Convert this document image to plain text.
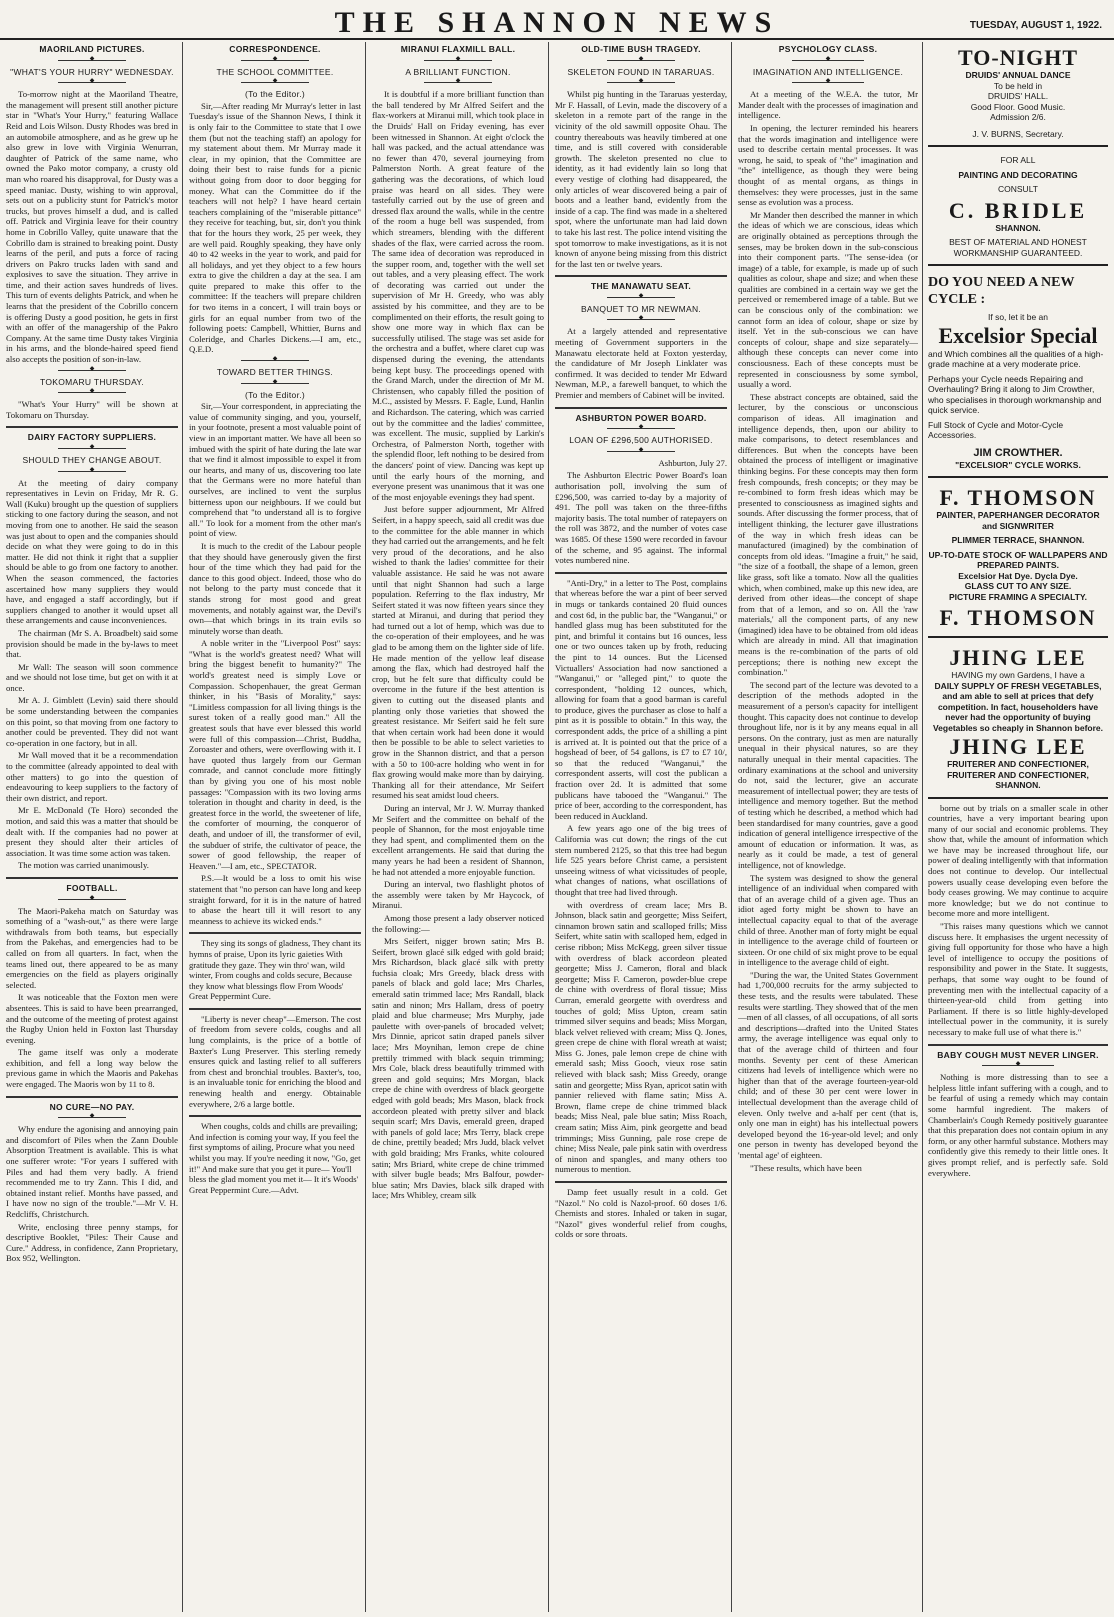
THE SHANNON NEWS	TUESDAY, AUGUST 1, 1922.
MAORILAND PICTURES.
◆
"WHAT'S YOUR HURRY" WEDNESDAY.
◆

To-morrow night at the Maoriland Theatre, the management will present still another picture star in "What's Your Hurry," featuring Wallace Reid and Lois Wilson. Dusty Rhodes was bred in an automobile atmosphere, and as he grew up he also grew in love with Virginia Wenurran, daughter of Patrick of the same name, who owned the Pako motor company, a crusty old man who roared his disapproval, for Dusty was a speed maniac. Dusty, wishing to win approval, sets out on a publicity stunt for Patrick's motor trucks, but proves himself a dud, and is called off. Patrick and Virginia leave for their country home in Cobrillo Valley, quite unaware that the Cobrillo dam is strained to breaking point. Dusty learns of the peril, and puts a force of racing drivers on Pakro trucks laden with sand and explosives to save the situation. They arrive in time, and their action saves hundreds of lives. This turn of events delights Patrick, and when he learns that the president of the Cobrillo concern is offering Dusty a good position, he gets in first with an offer of the managership of the Pakro Company. At the same time Dusty takes Virginia in his arms, and the blonde-haired speed fiend also accepts the position of son-in-law.

◆
TOKOMARU THURSDAY.
◆

"What's Your Hurry" will be shown at Tokomaru on Thursday.

DAIRY FACTORY SUPPLIERS.
◆
SHOULD THEY CHANGE ABOUT.
◆

At the meeting of dairy company representatives in Levin on Friday, Mr R. G. Wall (Kuku) brought up the question of suppliers sticking to one factory during the season, and not moving from one to another. He said the season was just about to open and the companies should decide on what they were going to do in this matter. He did not think it right that a supplier should be able to go from one factory to another. When the season commenced, the factories ascertained how many suppliers they would have, and engaged a staff accordingly, but if suppliers changed to another it would upset all these arrangements and cause inconveniences.

The chairman (Mr S. A. Broadbelt) said some provision should be made in the by-laws to meet that.

Mr Wall: The season will soon commence and we should not lose time, but get on with it at once.

Mr A. J. Gimblett (Levin) said there should be some understanding between the companies on this point, so that moving from one factory to another could be prevented. They did not want co-operation in one factory, but in all.

Mr Wall moved that it be a recommendation to the committee (already appointed to deal with other matters) to go into the question of endeavouring to keep suppliers to the factory of their own district, and report.

Mr E. McDonald (Te Horo) seconded the motion, and said this was a matter that should be dealt with. If the companies had no power at present they should alter their articles of association. It was time some action was taken.

The motion was carried unanimously.

FOOTBALL.
◆

The Maori-Pakeha match on Saturday was something of a "wash-out," as there were large withdrawals from both teams, but especially from the Pakehas, and emergencies had to be called on from all quarters. In fact, when the teams lined out, there appeared to be as many emergencies on the field as players originally selected.

It was noticeable that the Foxton men were absentees. This is said to have been prearranged, and the outcome of the meeting of protest against the Rugby Union held in Foxton last Thursday evening.

The game itself was only a moderate exhibition, and fell a long way below the previous game in which the Maoris and Pakehas were engaged. The Maoris won by 11 to 8.

NO CURE—NO PAY.
◆

Why endure the agonising and annoying pain and discomfort of Piles when the Zann Double Absorption Treatment is available. This is what one sufferer wrote: "For years I suffered with Piles and had them very badly. A friend recommended me to try Zann. This I did, and obtained instant relief. Months have passed, and I have now no sign of the trouble."—Mr V. H. Redcliffs, Christchurch.

Write, enclosing three penny stamps, for descriptive Booklet, "Piles: Their Cause and Cure." Address, in confidence, Zann Proprietary, Box 952, Wellington.

CORRESPONDENCE.
◆
THE SCHOOL COMMITTEE.
◆
(To the Editor.)

Sir,—After reading Mr Murray's letter in last Tuesday's issue of the Shannon News, I think it is only fair to the Committee to state that I owe them (but not the teaching staff) an apology for my statement about them. Mr Murray made it clear, in my opinion, that the Committee are doing their best to raise funds for a picnic without going from door to door begging for money. What can the Committee do if the teachers will not help? I have heard certain teachers complaining of the "miserable pittance" they receive for teaching, but, sir, don't you think that for the hours they work, 25 per week, they are well paid. Roughly speaking, they have only 40 to 42 weeks in the year to work, and paid for all holidays, and yet they object to a few hours extra to give the children a day at the sea. I am quite prepared to make this offer to the committee: If the teachers will prepare children for two items in a concert, I will train boys or girls for an equal number from two of the following poets: Campbell, Whittier, Burns and Coleridge, and Charles Dickens.—I am, etc., Q.E.D.

◆
TOWARD BETTER THINGS.
◆
(To the Editor.)

Sir,—Your correspondent, in appreciating the value of community singing, and you, yourself, in your footnote, present a most valuable point of view in an important matter. We have all been so imbued with the spirit of hate during the late war that we find it almost impossible to expel it from our hearts, and many of us, discovering too late that the Germans were no more hateful than ourselves, are inclined to vent the surplus bitterness upon our neighbours. If we could but comprehend that "to understand all is to forgive all." To look for a moment from the other man's point of view.

It is much to the credit of the Labour people that they should have generously given the first hour of the time which they had paid for the dance to this good object. Indeed, those who do not belong to the party must concede that it stands strong for most good and great movements, and notably against war, the Devil's own—that which brings in its train evils so minutely worse than death.

A noble writer in the "Liverpool Post" says: "What is the world's greatest need? What will bring the biggest benefit to humanity?" The world's greatest need is simply Love or Compassion. Schopenhauer, the great German thinker, in his "Basis of Morality," says: "Limitless compassion for all living things is the surest token of a really good man." All the greatest souls that have ever blessed this world were full of this compassion—Christ, Buddha, Zoroaster and others, were overflowing with it. I have quoted thus largely from our German comrade, and cannot conclude more fittingly than by giving you one of his most noble passages: "Compassion with its two loving arms toleration in thought and charity in deed, is the greatest force in the world, the sweetener of life, the comforter of mourning, the conqueror of death, and undoer of ill, the transformer of evil, the subduer of strife, the cultivator of peace, the sower of good fellowship, the reaper of Heaven."—I am, etc., SPECTATOR.

P.S.—It would be a loss to omit his wise statement that "no person can have long and keep straight forward, for it is in the nature of hatred to abase the heart till it will resort to any meanness to achieve its wicked ends."

They sing its songs of gladness, They chant its hymns of praise, Upon its lyric gaieties With gratitude they gaze. They win thro' wan, wild winter, From coughs and colds secure, Because they know what blessings flow From Woods' Great Peppermint Cure.

"Liberty is never cheap"—Emerson. The cost of freedom from severe colds, coughs and all lung complaints, is the price of a bottle of Baxter's Lung Preserver. This sterling remedy ensures quick and lasting relief to all sufferers from chest and bronchial troubles. Baxter's, too, is an invaluable tonic for enriching the blood and renewing health and energy. Obtainable everywhere, 2/6 a large bottle.

When coughs, colds and chills are prevailing; And infection is coming your way, If you feel the first symptoms of ailing, Procure what you need whilst you may. If you're needing it now, "Go, get it!" And make sure that you get it pure— You'll bless the glad moment you met it— It it's Woods' Great Peppermint Cure.—Advt.

MIRANUI FLAXMILL BALL.
◆
A BRILLIANT FUNCTION.
◆

It is doubtful if a more brilliant function than the ball tendered by Mr Alfred Seifert and the flax-workers at Miranui mill, which took place in the Druids' Hall on Friday evening, has ever been witnessed in Shannon. At eight o'clock the hall was packed, and the actual attendance was no fewer than 470, several journeying from Palmerston North. A great feature of the gathering was the decorations, of which loud praise was heard on all sides. They were tastefully carried out by the use of green and dressed flax around the walls, while in the centre of the room a huge bell was suspended, from which streamers, blending with the different shades of the flax, were carried across the room. The same idea of decoration was reproduced in the supper room, and, together with the well set out tables, and a very pleasing effect. The work of decorating was carried out under the supervision of Mr H. Greedy, who was ably assisted by his committee, and they are to be complimented on their efforts, the result going to show one more way in which flax can be successfully utilised. The stage was set aside for the orchestra and a buffet, where claret cup was dispensed during the evening, the attendants being kept busy. The proceedings opened with the Grand March, under the direction of Mr M. Christensen, who capably filled the position of M.C., assisted by Messrs. F. Eagle, Lund, Hanlin and Richardson. The catering, which was carried out by the committee and the ladies' committee, was excellent. The music, supplied by Larkin's Orchestra, of Palmerston North, together with the splendid floor, left nothing to be desired from the dancers' point of view. Dancing was kept up until the early hours of the morning, and everyone present was unanimous that it was one of the most enjoyable evenings they had spent.

Just before supper adjournment, Mr Alfred Seifert, in a happy speech, said all credit was due to the committee for the able manner in which they had carried out the arrangements, and he felt very proud of the decorations, and he also wished to thank the ladies' committee for their valuable assistance. He said he was not aware until that night Shannon had such a large population. Referring to the flax industry, Mr Seifert stated it was now fifteen years since they started at Miranui, and during that period they had turned out a lot of hemp, which was due to the co-operation of their employees, and he was glad to be among them on the lighter side of life. He made mention of the yellow leaf disease among the flax, which had destroyed half the crop, but he felt sure that difficulty could be overcome in the future if the best attention is given to cutting out the diseased plants and planting only those varieties that showed the greatest resistance. Mr Seifert said he felt sure that when certain work had been done it would then be possible to be able to select varieties to grow in the Shannon district, and that a person with a 50 to 100-acre holding who went in for flax growing would make more than by dairying. Thanking all for their attendance, Mr Seifert resumed his seat amidst loud cheers.

During an interval, Mr J. W. Murray thanked Mr Seifert and the committee on behalf of the people of Shannon, for the most enjoyable time they had spent, and complimented them on the excellent arrangements. He said that during the many years he had been a resident of Shannon, he had not attended a more enjoyable function.

During an interval, two flashlight photos of the assembly were taken by Mr Haycock, of Miranui.

Among those present a lady observer noticed the following:—

Mrs Seifert, nigger brown satin; Mrs B. Seifert, brown glacé silk edged with gold braid; Mrs Richardson, black glacé silk with pretty fuchsia cloak; Mrs Greedy, black dress with panels of black and gold lace; Mrs Charles, emerald satin trimmed lace; Mrs Randall, black satin and ninon; Mrs Hallam, dress of poetry plaid and blue charmeuse; Mrs Murphy, jade paulette with over-panels of brocaded velvet; Mrs Dinnie, apricot satin draped panels silver lace; Mrs Moynihan, lemon crepe de chine prettily trimmed with black sequin trimming; Mrs Cole, black dress beautifully trimmed with green and gold sequins; Mrs Morgan, black crepe de chine with overdress of black georgette edged with gold beads; Mrs Mason, black frock accordeon pleated with pretty silver and black sequin scarf; Mrs Davis, emerald green, draped with panels of gold lace; Mrs Terry, black crepe de chine, prettily beaded; Mrs Judd, black velvet with gold braiding; Mrs Franks, white coloured satin; Mrs Briard, white crepe de chine trimmed with silver bugle beads; Mrs Balfour, powder-blue satin; Mrs Davies, black silk draped with lace; Mrs Whibley, cream silk

OLD-TIME BUSH TRAGEDY.
◆
SKELETON FOUND IN TARARUAS.
◆

Whilst pig hunting in the Tararuas yesterday, Mr F. Hassall, of Levin, made the discovery of a skeleton in a remote part of the range in the vicinity of the old sawmill opposite Ohau. The country thereabouts was heavily timbered at one time, and is still covered with considerable growth. The skeleton presented no clue to identity, as it had evidently lain so long that every vestige of clothing had disappeared, the only articles of wear discovered being a pair of boots and a leather band, evidently from the inside of a cap. The find was made in a sheltered spot, where the unfortunate man had laid down to take his last rest. The police intend visiting the spot tomorrow to make investigations, as it is not known of anyone being missing from this district for the last ten or twelve years.

THE MANAWATU SEAT.
◆
BANQUET TO MR NEWMAN.
◆

At a largely attended and representative meeting of Government supporters in the Manawatu electorate held at Foxton yesterday, the candidature of Mr Joseph Linklater was confirmed. It was decided to tender Mr Edward Newman, M.P., a farewell banquet, to which the Premier and members of Cabinet will be invited.

ASHBURTON POWER BOARD.
◆
LOAN OF £296,500 AUTHORISED.
◆

Ashburton, July 27.

The Ashburton Electric Power Board's loan authorisation poll, involving the sum of £296,500, was carried to-day by a majority of 491. The poll was taken on the three-fifths majority basis. The total number of ratepayers on the roll was 3872, and the number of votes case was 1685. Of these 1590 were recorded in favour of the scheme, and 95 against. The informal votes numbered nine.

"Anti-Dry," in a letter to The Post, complains that whereas before the war a pint of beer served in mugs or tankards contained 20 fluid ounces and cost 6d, in the public bar, the "Wanganui," or handled glass mug has been substituted for the pint, and brimful it contains but 16 ounces, less one or two ounces taken up by froth, reducing the pint to 14 ounces. But the Licensed Victuallers' Association had now sanctioned a "Wanganui," or "alleged pint," to quote the correspondent, "holding 12 ounces, which, allowing for foam that a good barman is careful to produce, gives the purchaser as close to half a pint as it is possible to obtain." In this way, the correspondent adds, the price of a shilling a pint is arrived at. It is pointed out that the price of a hogshead of beer, of 54 gallons, is £7 to £7 10/, so that the reduced "Wanganui," the correspondent asserts, will cost the publican a fraction over 2d. It is admitted that some publicans have tabooed the "Wanganui." The price of beer, according to the correspondent, has been reduced in Auckland.

A few years ago one of the big trees of California was cut down; the rings of the cut stem numbered 2125, so that this tree had begun life 525 years before Christ came, a persistent unseeing witness of what vicissitudes of people, what changes of nations, what oscillations of thought that tree had lived through.

with overdress of cream lace; Mrs B. Johnson, black satin and georgette; Miss Seifert, cinnamon brown satin and scalloped frills; Miss Seifert, white satin with scalloped hem, edged in cerise ribbon; Miss McKegg, green silver tissue with overdress of black accordeon pleated georgette; Miss J. Cameron, floral and black georgette; Miss F. Cameron, powder-blue crepe de chine with overdress of floral tissue; Miss Curran, emerald georgette with overdress and touches of gold; Miss Upton, cream satin trimmed silver sequins and beads; Miss Morgan, black velvet relieved with cream; Miss Q. Jones, green crepe de chine with floral wreath at waist; Miss G. Jones, pale lemon crepe de chine with emerald sash; Miss Gooch, vieux rose satin relieved with black sash; Miss Greedy, orange satin and georgette; Miss Ryan, apricot satin with pannier relieved with flame satin; Miss A. Brown, flame crepe de chine trimmed black beads; Miss Neal, pale blue satin; Miss Roach, cream satin; Miss Aim, pink georgette and bead trimmings; Miss Gunning, pale rose crepe de chine; Miss Neale, pale pink satin with overdress of ninon and spangles, and many others too numerous to mention.

Damp feet usually result in a cold. Get "Nazol." No cold is Nazol-proof. 60 doses 1/6. Chemists and stores. Inhaled or taken in sugar, "Nazol" gives wonderful relief from coughs, colds or sore throats.

PSYCHOLOGY CLASS.
◆
IMAGINATION AND INTELLIGENCE.
◆

At a meeting of the W.E.A. the tutor, Mr Mander dealt with the processes of imagination and intelligence.

In opening, the lecturer reminded his hearers that the words imagination and intelligence were used to describe certain mental processes. It was wrong, he said, to speak of "the" imagination and "the" intelligence, as though they were being thought of as mental organs, as things in themselves: they were processes, just in the same sense as evolution was a process.

Mr Mander then described the manner in which the ideas of which we are conscious, ideas which are originally obtained as perceptions through the senses, may be broken down in the sub-conscious into their component parts. "The sense-idea (or image) of a table, for example, is made up of such qualities as colour, shape and size; and when these qualities are combined in a certain way we get the perceived or remembered image of a table. But we can be conscious only of the combination: we cannot form an idea of colour, shape or size by itself. Yet in the sub-conscious we can have concepts of colour, shape and size separately—although these concepts can never come into consciousness. Each of these concepts must be represented in consciousness by some symbol, usually a word.

These abstract concepts are obtained, said the lecturer, by the conscious or unconscious comparison of ideas. All imagination and intelligence depends, then, upon our ability to make comparisons, to detect resemblances and differences. But when the concepts have been obtained the process of intelligent or imaginative thinking begins. For these concepts may then form fresh compounds, fresh concepts; or they may be re-combined to form fresh ideas which may be presented to consciousness as imagined sights and sounds. After discussing the former process, that of intelligent thinking, the lecturer gave illustrations of the way in which fresh ideas can be manufactured (imagined) by the combination of concepts from old ideas. "Imagine a fruit," he said, "the size of a football, the shape of a lemon, green like grass, soft like a tomato. Now all the qualities which, when combined, make up this new idea, are derived from other ideas—the concept of shape from that of a lemon, and so on. All the 'raw materials,' all the component parts, of any new (imagined) idea have to be obtained from old ideas which are already in mind. All that imagination means is the re-combination of the parts of old perceptions; there is nothing new except the combination."

The second part of the lecture was devoted to a description of the methods adopted in the measurement of a person's capacity for intelligent thought. This capacity does not continue to develop throughout life, nor is it by any means equal in all persons. On the contrary, just as men are naturally unequal in their physical natures, so are they naturally unequal in their mental capacities. The ordinary examinations at the school and university do not, said the lecturer, give an accurate measurement of intellectual power; they are tests of intelligence and memory together. But the method of testing which he described, a method which had been standardised for many countries, gave a good indication of general intelligence irrespective of the amount of education or information. It was, as nearly as it could be made, a test of general intelligence, not of knowledge.

The system was designed to show the general intelligence of an individual when compared with that of an average child of a given age. Thus an idiot aged forty might be shown to have an intellectual capacity equal to that of the average child of three. Another man of forty might be equal in intelligence to the average child of fourteen or sixteen. Or one child of six might prove to be equal in intelligence to the average child of eight.

"During the war, the United States Government had 1,700,000 recruits for the army subjected to these tests, and the results were tabulated. These results were startling. They showed that of the men—men of all classes, of all occupations, of all sorts and descriptions—drafted into the United States army, the average intelligence was equal only to that of the average child of thirteen and four months. Seventy per cent of these American citizens had levels of intelligence which were no higher than that of the average fourteen-year-old child; and of these 30 per cent were lower in intellectual development than the average child of eleven. Only twelve and a-half per cent (that is, only one man in eight) has his intellectual powers developed beyond the 16-year-old level; and only one person in twenty has developed beyond the 'mental age' of eighteen.

"These results, which have been

TO-NIGHT
DRUIDS' ANNUAL DANCE
To be held in
DRUIDS' HALL.
Good Floor. Good Music.
Admission 2/6.
J. V. BURNS, Secretary.
FOR ALL
PAINTING AND DECORATING
CONSULT
C. BRIDLE
SHANNON.
BEST OF MATERIAL AND HONEST WORKMANSHIP GUARANTEED.
DO YOU NEED A NEW CYCLE :
If so, let it be an
Excelsior Special
and Which combines all the qualities of a high-grade machine at a very moderate price.
Perhaps your Cycle needs Repairing and Overhauling? Bring it along to Jim Crowther, who specialises in thorough workmanship and quick service.
Full Stock of Cycle and Motor-Cycle Accessories.
JIM CROWTHER.
"EXCELSIOR" CYCLE WORKS.
F. THOMSON
PAINTER, PAPERHANGER DECORATOR and SIGNWRITER
PLIMMER TERRACE, SHANNON.
UP-TO-DATE STOCK OF WALLPAPERS AND PREPARED PAINTS.
Excelsior Hat Dye. Dycla Dye.
GLASS CUT TO ANY SIZE.
PICTURE FRAMING A SPECIALTY.
F. THOMSON
JHING LEE
HAVING my own Gardens, I have a
DAILY SUPPLY OF FRESH VEGETABLES,
and am able to sell at prices that defy competition. In fact, householders have never had the opportunity of buying Vegetables so cheaply in Shannon before.
JHING LEE
FRUITERER AND CONFECTIONER, FRUITERER AND CONFECTIONER, SHANNON.

borne out by trials on a smaller scale in other countries, have a very important bearing upon many of our social and economic problems. They show that, while the amount of information which we have may be increased throughout life, our power of dealing intelligently with that information does not continue to develop. Our intellectual powers usually cease developing even before the body ceases growing. We may continue to acquire more knowledge; but we do not continue to become more and more intelligent.

"This raises many questions which we cannot discuss here. It emphasises the urgent necessity of giving full opportunity for those who have a high level of intelligence to occupy the positions of responsibility and power in the State. It suggests, perhaps, that some way ought to be found of preventing men with the intellectual capacity of a thirteen-year-old child from getting into Parliament. If there is so little highly-developed intellectual power in the community, it is surely necessary to make full use of what there is."

BABY COUGH MUST NEVER LINGER.
◆

Nothing is more distressing than to see a helpless little infant suffering with a cough, and to be fearful of using a remedy which may contain some harmful ingredient. The makers of Chamberlain's Cough Remedy positively guarantee that this preparation does not contain opium in any form, or any other harmful substance. Mothers may confidently give this remedy to their little ones. It gives prompt relief, and is perfectly safe. Sold everywhere.
